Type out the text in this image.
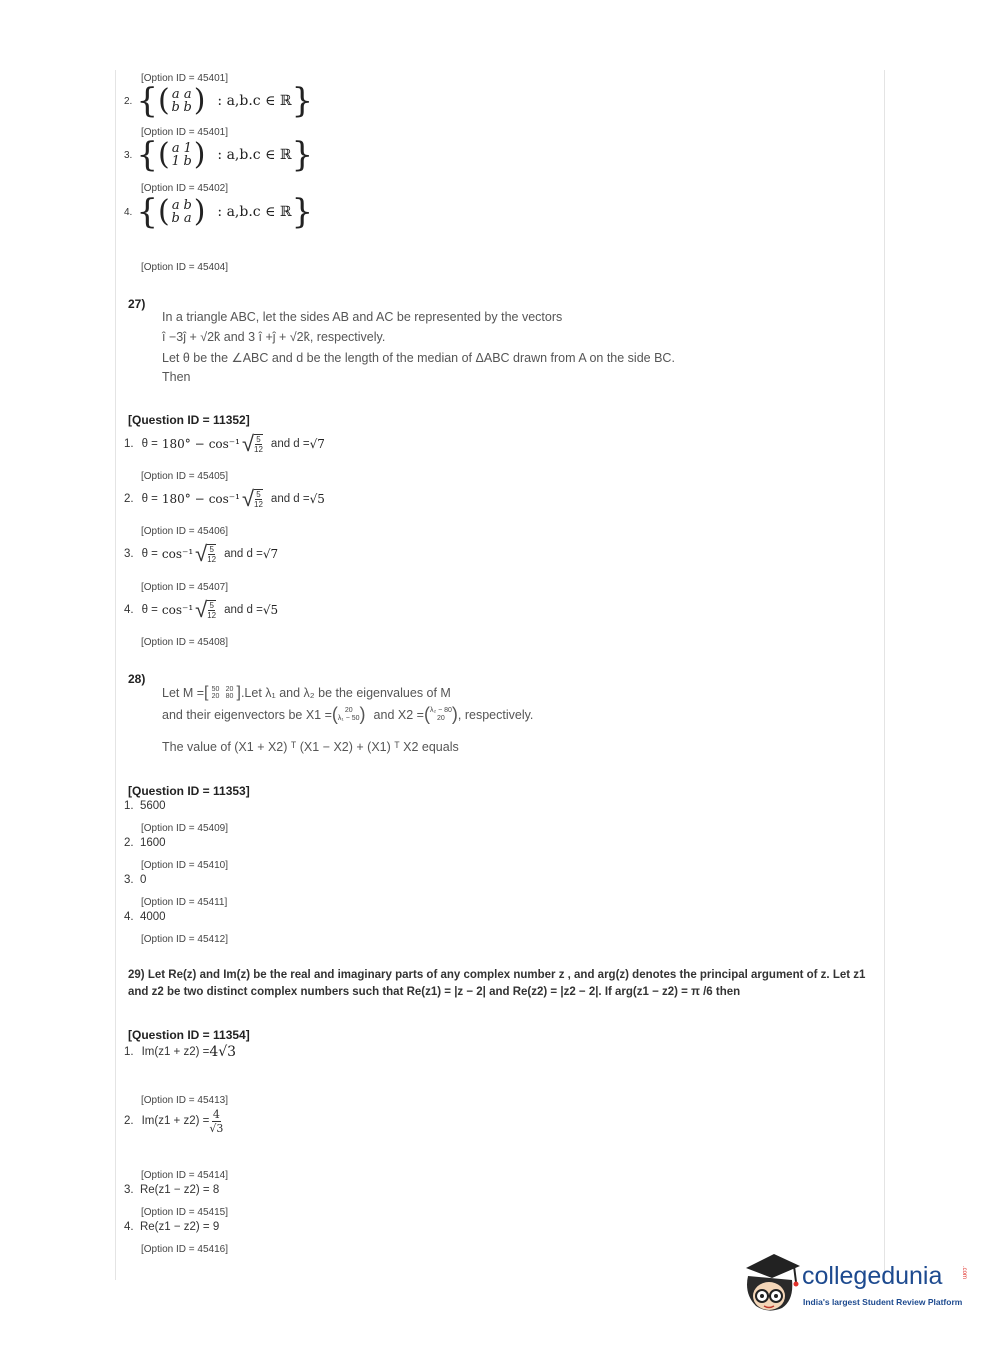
[Option ID = 45401]
2. { ( a a
b b ) : a,b.c ∈ ℝ }
[Option ID = 45401]
3. { ( a 1
1 b ) : a,b.c ∈ ℝ }
[Option ID = 45402]
4. { ( a b
b a ) : a,b.c ∈ ℝ }
[Option ID = 45404]
27)
In a triangle ABC, let the sides AB and AC be represented by the vectors
î −3ĵ + √2k̂ and 3 î +ĵ + √2k̂, respectively.
Let θ be the ∠ABC and d be the length of the median of ΔABC drawn from A on the side BC.
Then
[Question ID = 11352]
1. θ = 180° − cos⁻¹ √ $\frac{5}{12}$ and d = √7
[Option ID = 45405]
2. θ = 180° − cos⁻¹ √ $\frac{5}{12}$ and d = √5
[Option ID = 45406]
3. θ = cos⁻¹ √ $\frac{5}{12}$ and d = √7
[Option ID = 45407]
4. θ = cos⁻¹ √ $\frac{5}{12}$ and d = √5
[Option ID = 45408]
28)
Let M = [ 50 20
20 80 ] .Let λ₁ and λ₂ be the eigenvalues of M
and their eigenvectors be X1 = ( 20
λ₁ − 50 ) and X2 = ( λ₂ − 80
20 ) , respectively.
The value of (X1 + X2) ᵀ (X1 − X2) + (X1) ᵀ X2 equals
[Question ID = 11353]
1. 5600
[Option ID = 45409]
2. 1600
[Option ID = 45410]
3. 0
[Option ID = 45411]
4. 4000
[Option ID = 45412]
29) Let Re(z) and Im(z) be the real and imaginary parts of any complex number z , and arg(z) denotes the principal argument of z. Let z1 and z2 be two distinct complex numbers such that Re(z1) = |z − 2| and Re(z2) = |z2 − 2|. If arg(z1 − z2) = π /6 then
[Question ID = 11354]
1. Im(z1 + z2) = 4√3
[Option ID = 45413]
2. $Im(z1 + z2) = \frac{4}{√3}$
[Option ID = 45414]
3. Re(z1 − z2) = 8
[Option ID = 45415]
4. Re(z1 − z2) = 9
[Option ID = 45416]
collegedunia	.com
India's largest Student Review Platform
